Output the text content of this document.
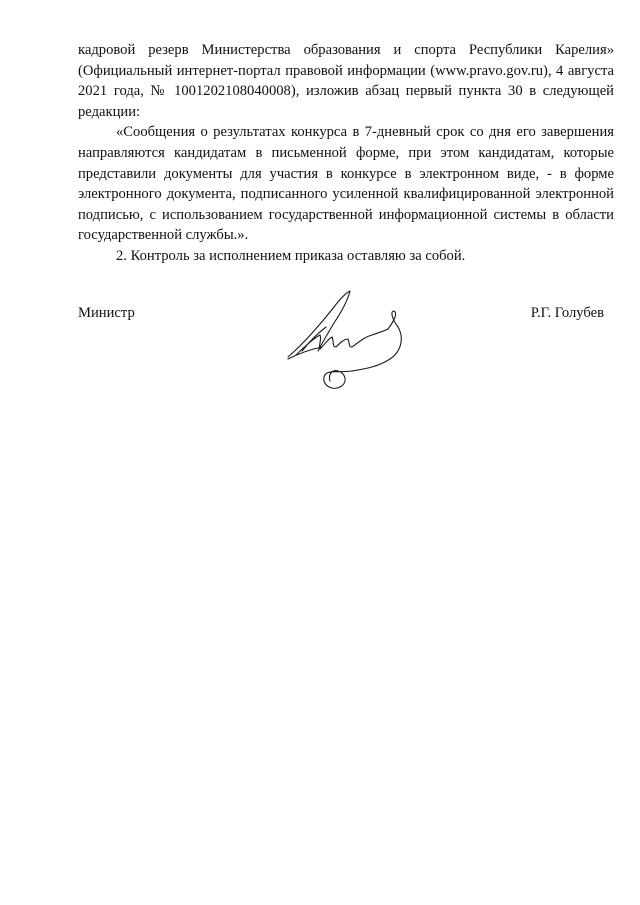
кадровой резерв Министерства образования и спорта Республики Карелия» (Официальный интернет-портал правовой информации (www.pravo.gov.ru), 4 августа 2021 года, № 1001202108040008), изложив абзац первый пункта 30 в следующей редакции:

«Сообщения о результатах конкурса в 7-дневный срок со дня его завершения направляются кандидатам в письменной форме, при этом кандидатам, которые представили документы для участия в конкурсе в электронном виде, - в форме электронного документа, подписанного усиленной квалифицированной электронной подписью, с использованием государственной информационной системы в области государственной службы.».

2. Контроль за исполнением приказа оставляю за собой.

Министр	Р.Г. Голубев
